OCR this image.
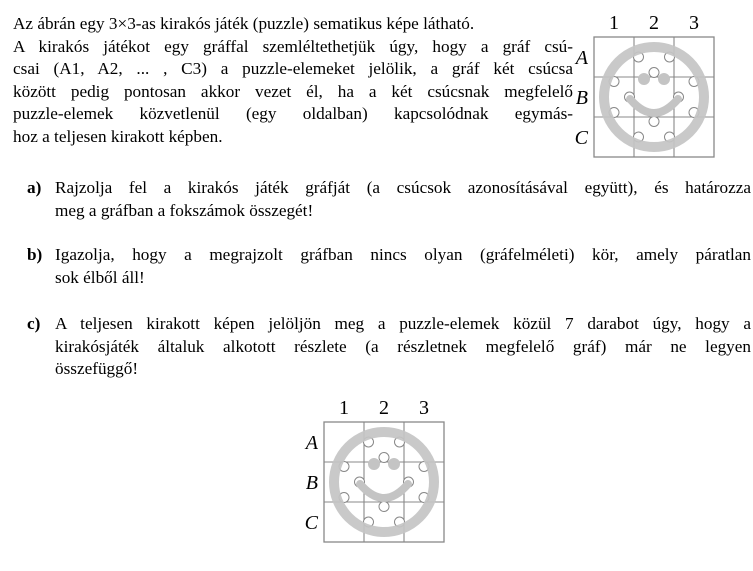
Az ábrán egy 3×3-as kirakós játék (puzzle) sematikus képe látható.
A kirakós játékot egy gráffal szemléltethetjük úgy, hogy a gráf csú-
csai (A1, A2, ... , C3) a puzzle-elemeket jelölik, a gráf két csúcsa
között pedig pontosan akkor vezet él, ha a két csúcsnak megfelelő
puzzle-elemek közvetlenül (egy oldalban) kapcsolódnak egymás-
hoz a teljesen kirakott képben.
1 2 3
A
B
C
a) Rajzolja fel a kirakós játék gráfját (a csúcsok azonosításával együtt), és határozza
meg a gráfban a fokszámok összegét!
b) Igazolja, hogy a megrajzolt gráfban nincs olyan (gráfelméleti) kör, amely páratlan
sok élből áll!
c) A teljesen kirakott képen jelöljön meg a puzzle-elemek közül 7 darabot úgy, hogy a
kirakósjáték általuk alkotott részlete (a részletnek megfelelő gráf) már ne legyen
összefüggő!
1 2 3
A
B
C
